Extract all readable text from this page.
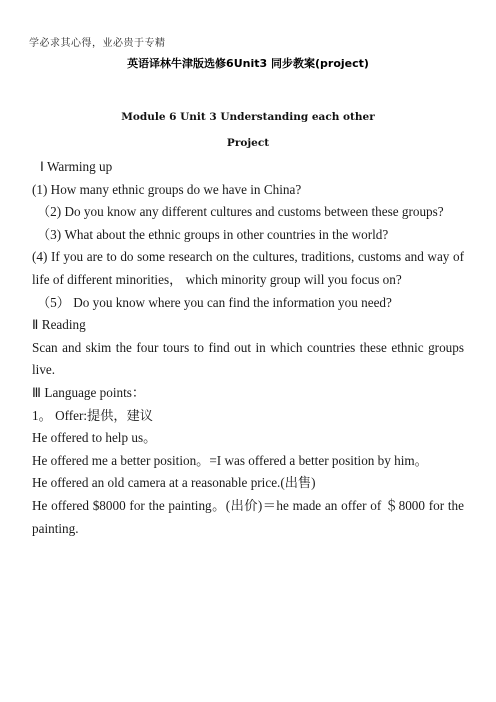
学必求其心得，业必贵于专精
英语译林牛津版选修6Unit3 同步教案(project)
Module 6 Unit 3 Understanding each other
Project

Ⅰ Warming up

(1) How many ethnic groups do we have in China?

（2) Do you know any different cultures and customs between these groups?

（3) What about the ethnic groups in other countries in the world?

(4) If you are to do some research on the cultures, traditions, customs and way of life of different minorities， which minority group will you focus on?

（5） Do you know where you can find the information you need?

Ⅱ Reading

Scan and skim the four tours to find out in which countries these ethnic groups live.

Ⅲ Language points：

1。 Offer:提供，建议

He offered to help us。

He offered me a better position。=I was offered a better position by him。

He offered an old camera at a reasonable price.(出售)

He offered $8000 for the painting。(出价)＝he made an offer of ＄8000 for the painting.
